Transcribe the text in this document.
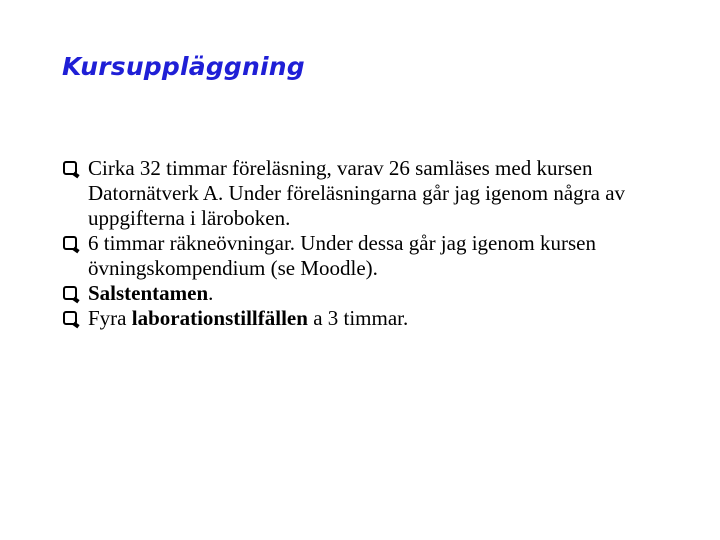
Kursuppläggning
Cirka 32 timmar föreläsning, varav 26 samläses med kursen Datornätverk A. Under föreläsningarna går jag igenom några av uppgifterna i läroboken.
6 timmar räkneövningar. Under dessa går jag igenom kursen övningskompendium (se Moodle).
Salstentamen.
Fyra laborationstillfällen a 3 timmar.
